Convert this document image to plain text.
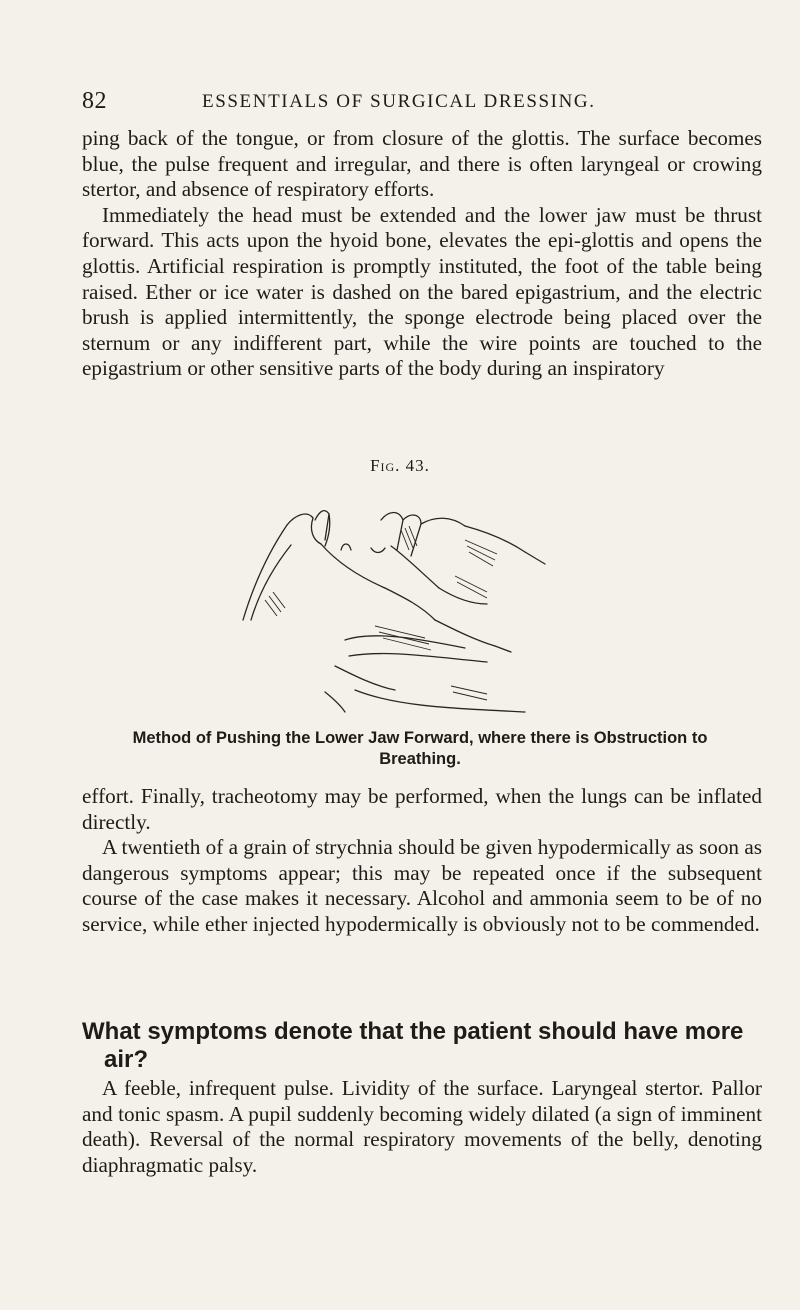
82	ESSENTIALS OF SURGICAL DRESSING.

ping back of the tongue, or from closure of the glottis. The surface becomes blue, the pulse frequent and irregular, and there is often laryngeal or crowing stertor, and absence of respiratory efforts.

Immediately the head must be extended and the lower jaw must be thrust forward. This acts upon the hyoid bone, elevates the epi-glottis and opens the glottis. Artificial respiration is promptly instituted, the foot of the table being raised. Ether or ice water is dashed on the bared epigastrium, and the electric brush is applied intermittently, the sponge electrode being placed over the sternum or any indifferent part, while the wire points are touched to the epigastrium or other sensitive parts of the body during an inspiratory

Fig. 43.
Method of Pushing the Lower Jaw Forward, where there is Obstruction to
Breathing.

effort. Finally, tracheotomy may be performed, when the lungs can be inflated directly.

A twentieth of a grain of strychnia should be given hypodermically as soon as dangerous symptoms appear; this may be repeated once if the subsequent course of the case makes it necessary. Alcohol and ammonia seem to be of no service, while ether injected hypodermically is obviously not to be commended.

What symptoms denote that the patient should have more
air?

A feeble, infrequent pulse. Lividity of the surface. Laryngeal stertor. Pallor and tonic spasm. A pupil suddenly becoming widely dilated (a sign of imminent death). Reversal of the normal respiratory movements of the belly, denoting diaphragmatic palsy.
